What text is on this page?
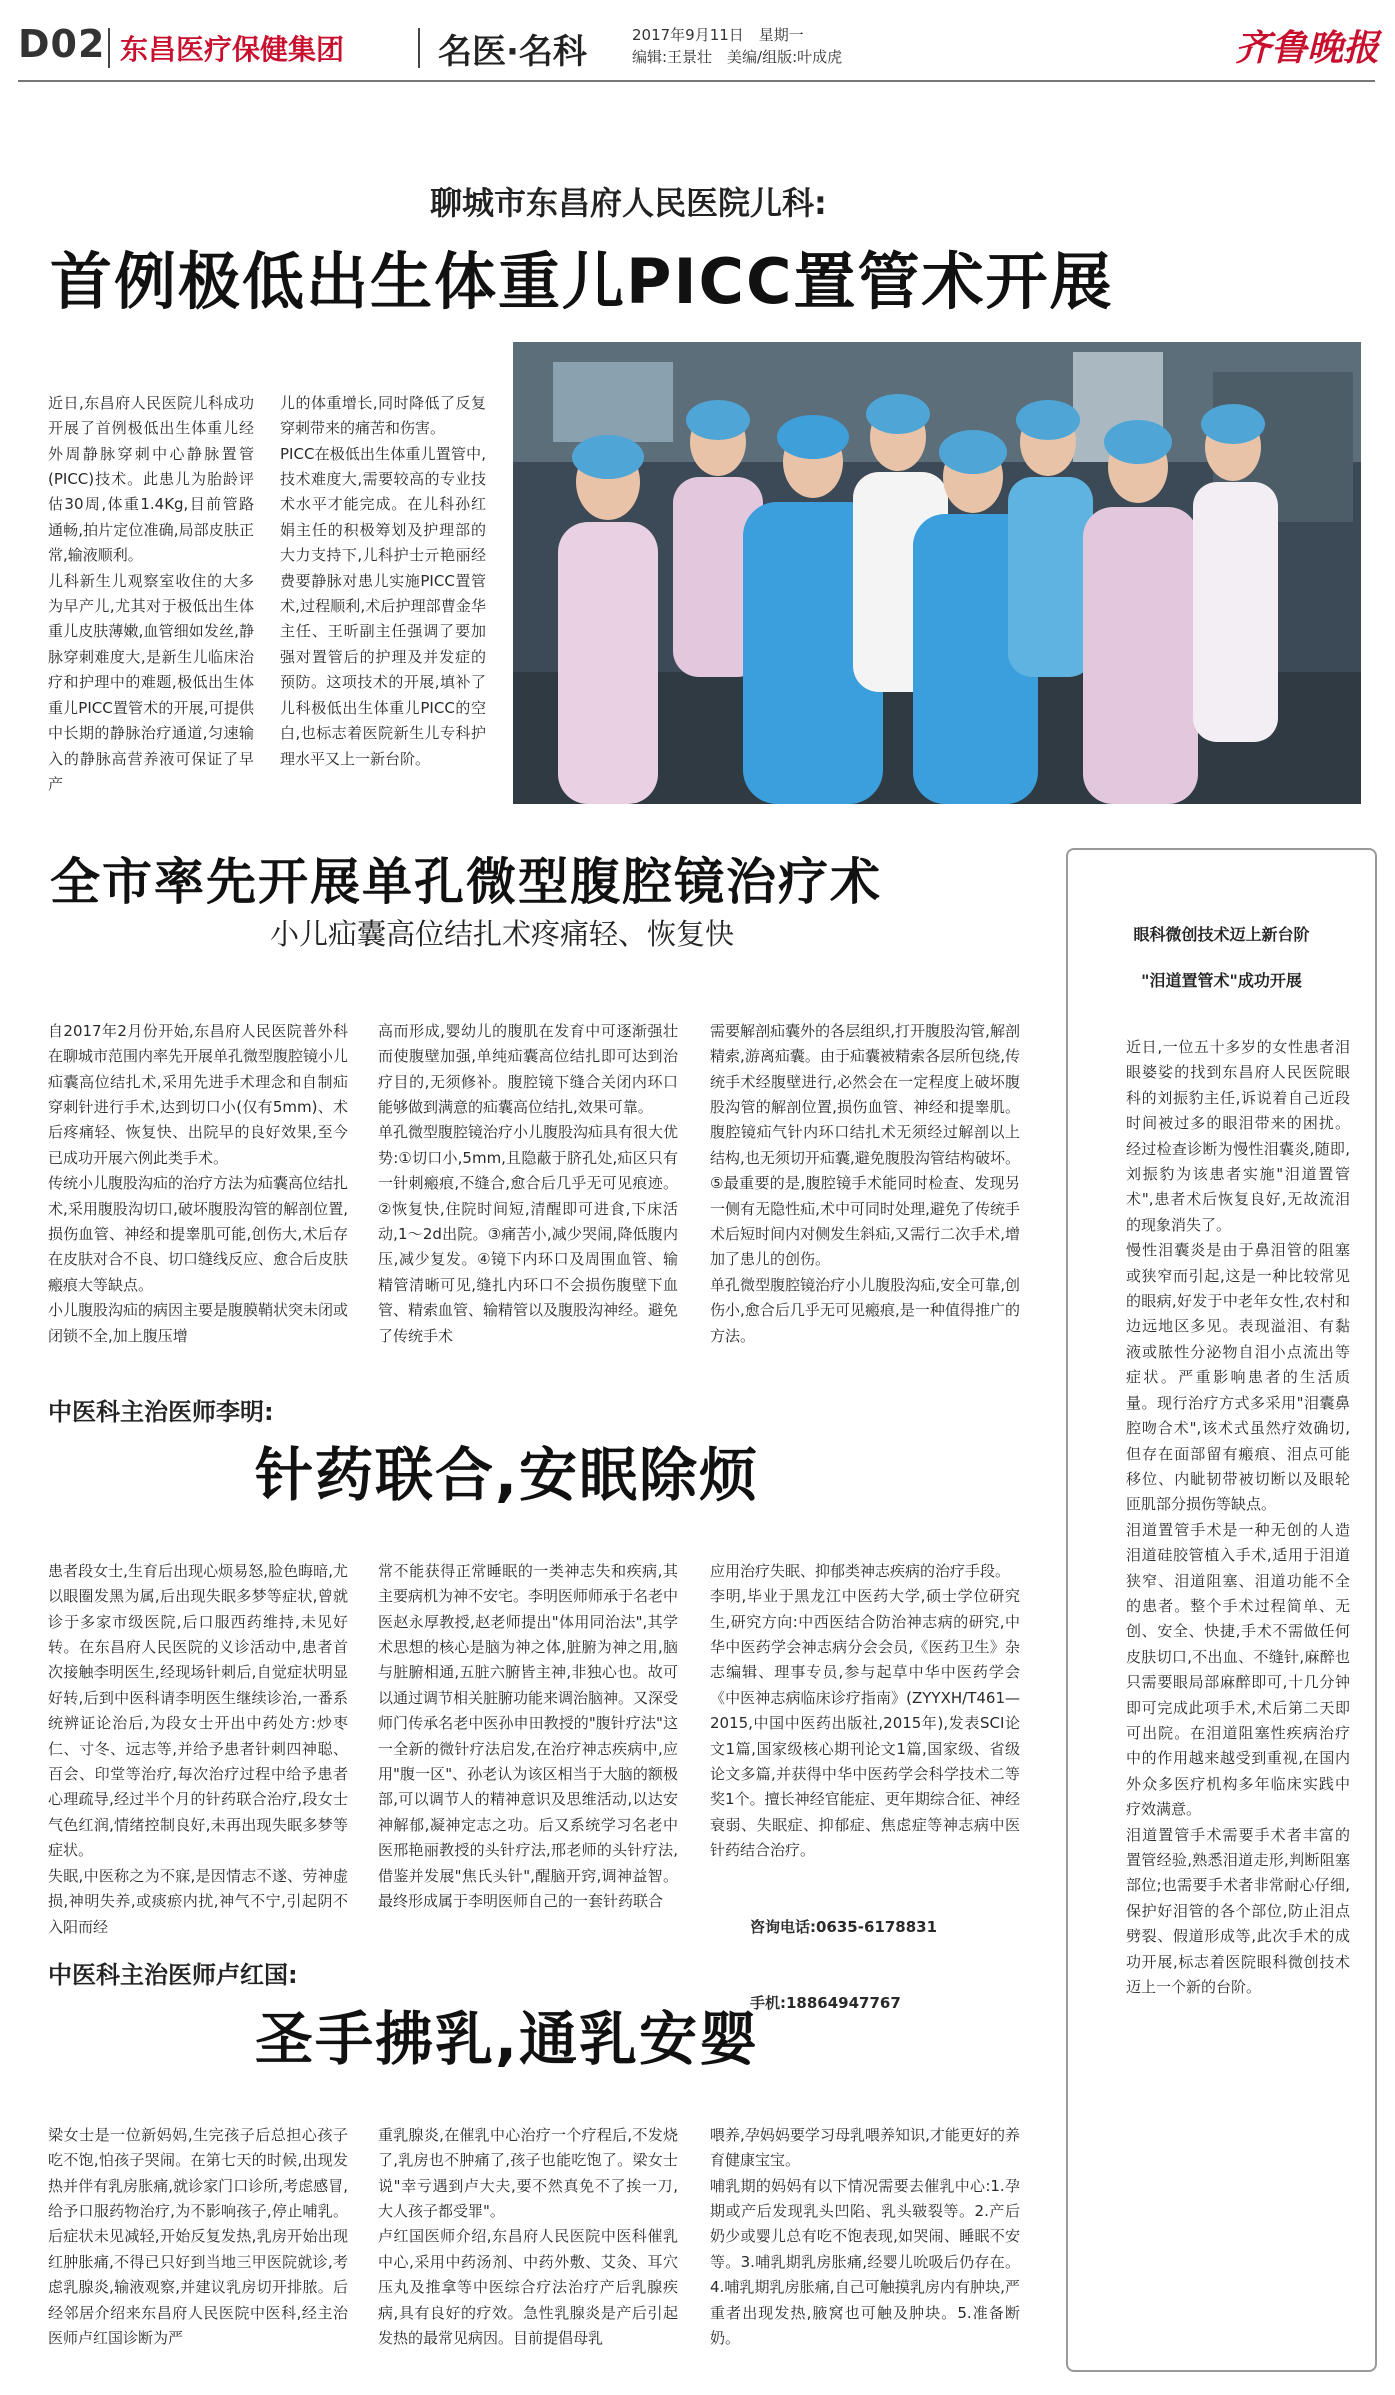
D02 东昌医疗保健集团	名医·名科	2017年9月11日　星期一
编辑:王景壮　美编/组版:叶成虎	齐鲁晚报
聊城市东昌府人民医院儿科:
首例极低出生体重儿PICC置管术开展

近日,东昌府人民医院儿科成功开展了首例极低出生体重儿经外周静脉穿刺中心静脉置管(PICC)技术。此患儿为胎龄评估30周,体重1.4Kg,目前管路通畅,拍片定位准确,局部皮肤正常,输液顺利。
儿科新生儿观察室收住的大多为早产儿,尤其对于极低出生体重儿皮肤薄嫩,血管细如发丝,静脉穿刺难度大,是新生儿临床治疗和护理中的难题,极低出生体重儿PICC置管术的开展,可提供中长期的静脉治疗通道,匀速输入的静脉高营养液可保证了早产

儿的体重增长,同时降低了反复穿刺带来的痛苦和伤害。
PICC在极低出生体重儿置管中,技术难度大,需要较高的专业技术水平才能完成。在儿科孙红娟主任的积极筹划及护理部的大力支持下,儿科护士亓艳丽经费要静脉对患儿实施PICC置管术,过程顺利,术后护理部曹金华主任、王昕副主任强调了要加强对置管后的护理及并发症的预防。这项技术的开展,填补了儿科极低出生体重儿PICC的空白,也标志着医院新生儿专科护理水平又上一新台阶。

全市率先开展单孔微型腹腔镜治疗术
小儿疝囊高位结扎术疼痛轻、恢复快

自2017年2月份开始,东昌府人民医院普外科在聊城市范围内率先开展单孔微型腹腔镜小儿疝囊高位结扎术,采用先进手术理念和自制疝穿刺针进行手术,达到切口小(仅有5mm)、术后疼痛轻、恢复快、出院早的良好效果,至今已成功开展六例此类手术。
传统小儿腹股沟疝的治疗方法为疝囊高位结扎术,采用腹股沟切口,破坏腹股沟管的解剖位置,损伤血管、神经和提睾肌可能,创伤大,术后存在皮肤对合不良、切口缝线反应、愈合后皮肤瘢痕大等缺点。
小儿腹股沟疝的病因主要是腹膜鞘状突未闭或闭锁不全,加上腹压增

高而形成,婴幼儿的腹肌在发育中可逐渐强壮而使腹壁加强,单纯疝囊高位结扎即可达到治疗目的,无须修补。腹腔镜下缝合关闭内环口能够做到满意的疝囊高位结扎,效果可靠。
单孔微型腹腔镜治疗小儿腹股沟疝具有很大优势:①切口小,5mm,且隐蔽于脐孔处,疝区只有一针刺瘢痕,不缝合,愈合后几乎无可见痕迹。②恢复快,住院时间短,清醒即可进食,下床活动,1～2d出院。③痛苦小,减少哭闹,降低腹内压,减少复发。④镜下内环口及周围血管、输精管清晰可见,缝扎内环口不会损伤腹壁下血管、精索血管、输精管以及腹股沟神经。避免了传统手术

需要解剖疝囊外的各层组织,打开腹股沟管,解剖精索,游离疝囊。由于疝囊被精索各层所包绕,传统手术经腹壁进行,必然会在一定程度上破坏腹股沟管的解剖位置,损伤血管、神经和提睾肌。腹腔镜疝气针内环口结扎术无须经过解剖以上结构,也无须切开疝囊,避免腹股沟管结构破坏。⑤最重要的是,腹腔镜手术能同时检查、发现另一侧有无隐性疝,术中可同时处理,避免了传统手术后短时间内对侧发生斜疝,又需行二次手术,增加了患儿的创伤。
单孔微型腹腔镜治疗小儿腹股沟疝,安全可靠,创伤小,愈合后几乎无可见瘢痕,是一种值得推广的方法。

中医科主治医师李明:
针药联合,安眠除烦

患者段女士,生育后出现心烦易怒,脸色晦暗,尤以眼圈发黑为属,后出现失眠多梦等症状,曾就诊于多家市级医院,后口服西药维持,未见好转。在东昌府人民医院的义诊活动中,患者首次接触李明医生,经现场针刺后,自觉症状明显好转,后到中医科请李明医生继续诊治,一番系统辨证论治后,为段女士开出中药处方:炒枣仁、寸冬、远志等,并给予患者针刺四神聪、百会、印堂等治疗,每次治疗过程中给予患者心理疏导,经过半个月的针药联合治疗,段女士气色红润,情绪控制良好,未再出现失眠多梦等症状。
失眠,中医称之为不寐,是因情志不遂、劳神虚损,神明失养,或痰瘀内扰,神气不宁,引起阴不入阳而经

常不能获得正常睡眠的一类神志失和疾病,其主要病机为神不安宅。李明医师师承于名老中医赵永厚教授,赵老师提出"体用同治法",其学术思想的核心是脑为神之体,脏腑为神之用,脑与脏腑相通,五脏六腑皆主神,非独心也。故可以通过调节相关脏腑功能来调治脑神。又深受师门传承名老中医孙申田教授的"腹针疗法"这一全新的微针疗法启发,在治疗神志疾病中,应用"腹一区"、孙老认为该区相当于大脑的额极部,可以调节人的精神意识及思维活动,以达安神解郁,凝神定志之功。后又系统学习名老中医邢艳丽教授的头针疗法,邢老师的头针疗法,借鉴并发展"焦氏头针",醒脑开窍,调神益智。最终形成属于李明医师自己的一套针药联合

应用治疗失眠、抑郁类神志疾病的治疗手段。
李明,毕业于黑龙江中医药大学,硕士学位研究生,研究方向:中西医结合防治神志病的研究,中华中医药学会神志病分会会员,《医药卫生》杂志编辑、理事专员,参与起草中华中医药学会《中医神志病临床诊疗指南》(ZYYXH/T461—2015,中国中医药出版社,2015年),发表SCI论文1篇,国家级核心期刊论文1篇,国家级、省级论文多篇,并获得中华中医药学会科学技术二等奖1个。擅长神经官能症、更年期综合征、神经衰弱、失眠症、抑郁症、焦虑症等神志病中医针药结合治疗。

咨询电话:0635-6178831

手机:18864947767

中医科主治医师卢红国:
圣手拂乳,通乳安婴

梁女士是一位新妈妈,生完孩子后总担心孩子吃不饱,怕孩子哭闹。在第七天的时候,出现发热并伴有乳房胀痛,就诊家门口诊所,考虑感冒,给予口服药物治疗,为不影响孩子,停止哺乳。后症状未见减轻,开始反复发热,乳房开始出现红肿胀痛,不得已只好到当地三甲医院就诊,考虑乳腺炎,输液观察,并建议乳房切开排脓。后经邻居介绍来东昌府人民医院中医科,经主治医师卢红国诊断为严

重乳腺炎,在催乳中心治疗一个疗程后,不发烧了,乳房也不肿痛了,孩子也能吃饱了。梁女士说"幸亏遇到卢大夫,要不然真免不了挨一刀,大人孩子都受罪"。
卢红国医师介绍,东昌府人民医院中医科催乳中心,采用中药汤剂、中药外敷、艾灸、耳穴压丸及推拿等中医综合疗法治疗产后乳腺疾病,具有良好的疗效。急性乳腺炎是产后引起发热的最常见病因。目前提倡母乳

喂养,孕妈妈要学习母乳喂养知识,才能更好的养育健康宝宝。
哺乳期的妈妈有以下情况需要去催乳中心:1.孕期或产后发现乳头凹陷、乳头皲裂等。2.产后奶少或婴儿总有吃不饱表现,如哭闹、睡眠不安等。3.哺乳期乳房胀痛,经婴儿吮吸后仍存在。4.哺乳期乳房胀痛,自己可触摸乳房内有肿块,严重者出现发热,腋窝也可触及肿块。5.准备断奶。

眼科微创技术迈上新台阶
"泪道置管术"成功开展
近日,一位五十多岁的女性患者泪眼婆娑的找到东昌府人民医院眼科的刘振豹主任,诉说着自己近段时间被过多的眼泪带来的困扰。经过检查诊断为慢性泪囊炎,随即,刘振豹为该患者实施"泪道置管术",患者术后恢复良好,无故流泪的现象消失了。
慢性泪囊炎是由于鼻泪管的阻塞或狭窄而引起,这是一种比较常见的眼病,好发于中老年女性,农村和边远地区多见。表现溢泪、有黏液或脓性分泌物自泪小点流出等症状。严重影响患者的生活质量。现行治疗方式多采用"泪囊鼻腔吻合术",该术式虽然疗效确切,但存在面部留有瘢痕、泪点可能移位、内眦韧带被切断以及眼轮匝肌部分损伤等缺点。
泪道置管手术是一种无创的人造泪道硅胶管植入手术,适用于泪道狭窄、泪道阻塞、泪道功能不全的患者。整个手术过程简单、无创、安全、快捷,手术不需做任何皮肤切口,不出血、不缝针,麻醉也只需要眼局部麻醉即可,十几分钟即可完成此项手术,术后第二天即可出院。在泪道阻塞性疾病治疗中的作用越来越受到重视,在国内外众多医疗机构多年临床实践中疗效满意。
泪道置管手术需要手术者丰富的置管经验,熟悉泪道走形,判断阻塞部位;也需要手术者非常耐心仔细,保护好泪管的各个部位,防止泪点劈裂、假道形成等,此次手术的成功开展,标志着医院眼科微创技术迈上一个新的台阶。
